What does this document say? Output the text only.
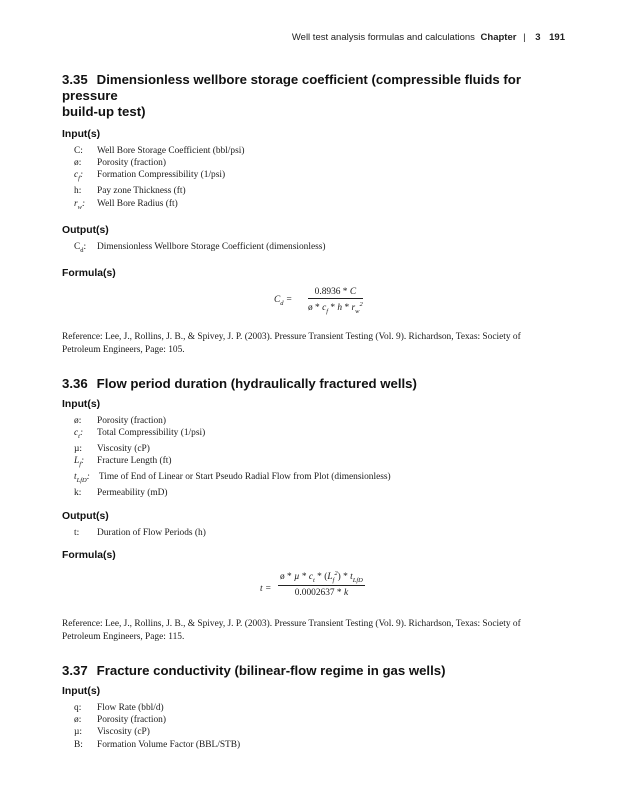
Well test analysis formulas and calculations Chapter | 3 191
3.35 Dimensionless wellbore storage coefficient (compressible fluids for pressure
build-up test)
Input(s)
C: Well Bore Storage Coefficient (bbl/psi)
ø: Porosity (fraction)
$c_f$: Formation Compressibility (1/psi)
h: Pay zone Thickness (ft)
$r_w$: Well Bore Radius (ft)
Output(s)
$C_d$: Dimensionless Wellbore Storage Coefficient (dimensionless)
Formula(s)
$C_d = \frac{0.8936 * C}{ø * c_f * h * r_w^2}$

Reference: Lee, J., Rollins, J. B., & Spivey, J. P. (2003). Pressure Transient Testing (Vol. 9). Richardson, Texas: Society of
Petroleum Engineers, Page: 105.

3.36 Flow period duration (hydraulically fractured wells)
Input(s)
ø: Porosity (fraction)
$c_t$: Total Compressibility (1/psi)
µ: Viscosity (cP)
$L_f$: Fracture Length (ft)
$t_{LfD}$: Time of End of Linear or Start Pseudo Radial Flow from Plot (dimensionless)
k: Permeability (mD)
Output(s)
t: Duration of Flow Periods (h)
Formula(s)
t =
ø * µ * $c_t * (L_f^2) * t_{LfD}$
0.0002637 * k

Reference: Lee, J., Rollins, J. B., & Spivey, J. P. (2003). Pressure Transient Testing (Vol. 9). Richardson, Texas: Society of
Petroleum Engineers, Page: 115.

3.37 Fracture conductivity (bilinear-flow regime in gas wells)
Input(s)
q: Flow Rate (bbl/d)
ø: Porosity (fraction)
µ: Viscosity (cP)
B: Formation Volume Factor (BBL/STB)
